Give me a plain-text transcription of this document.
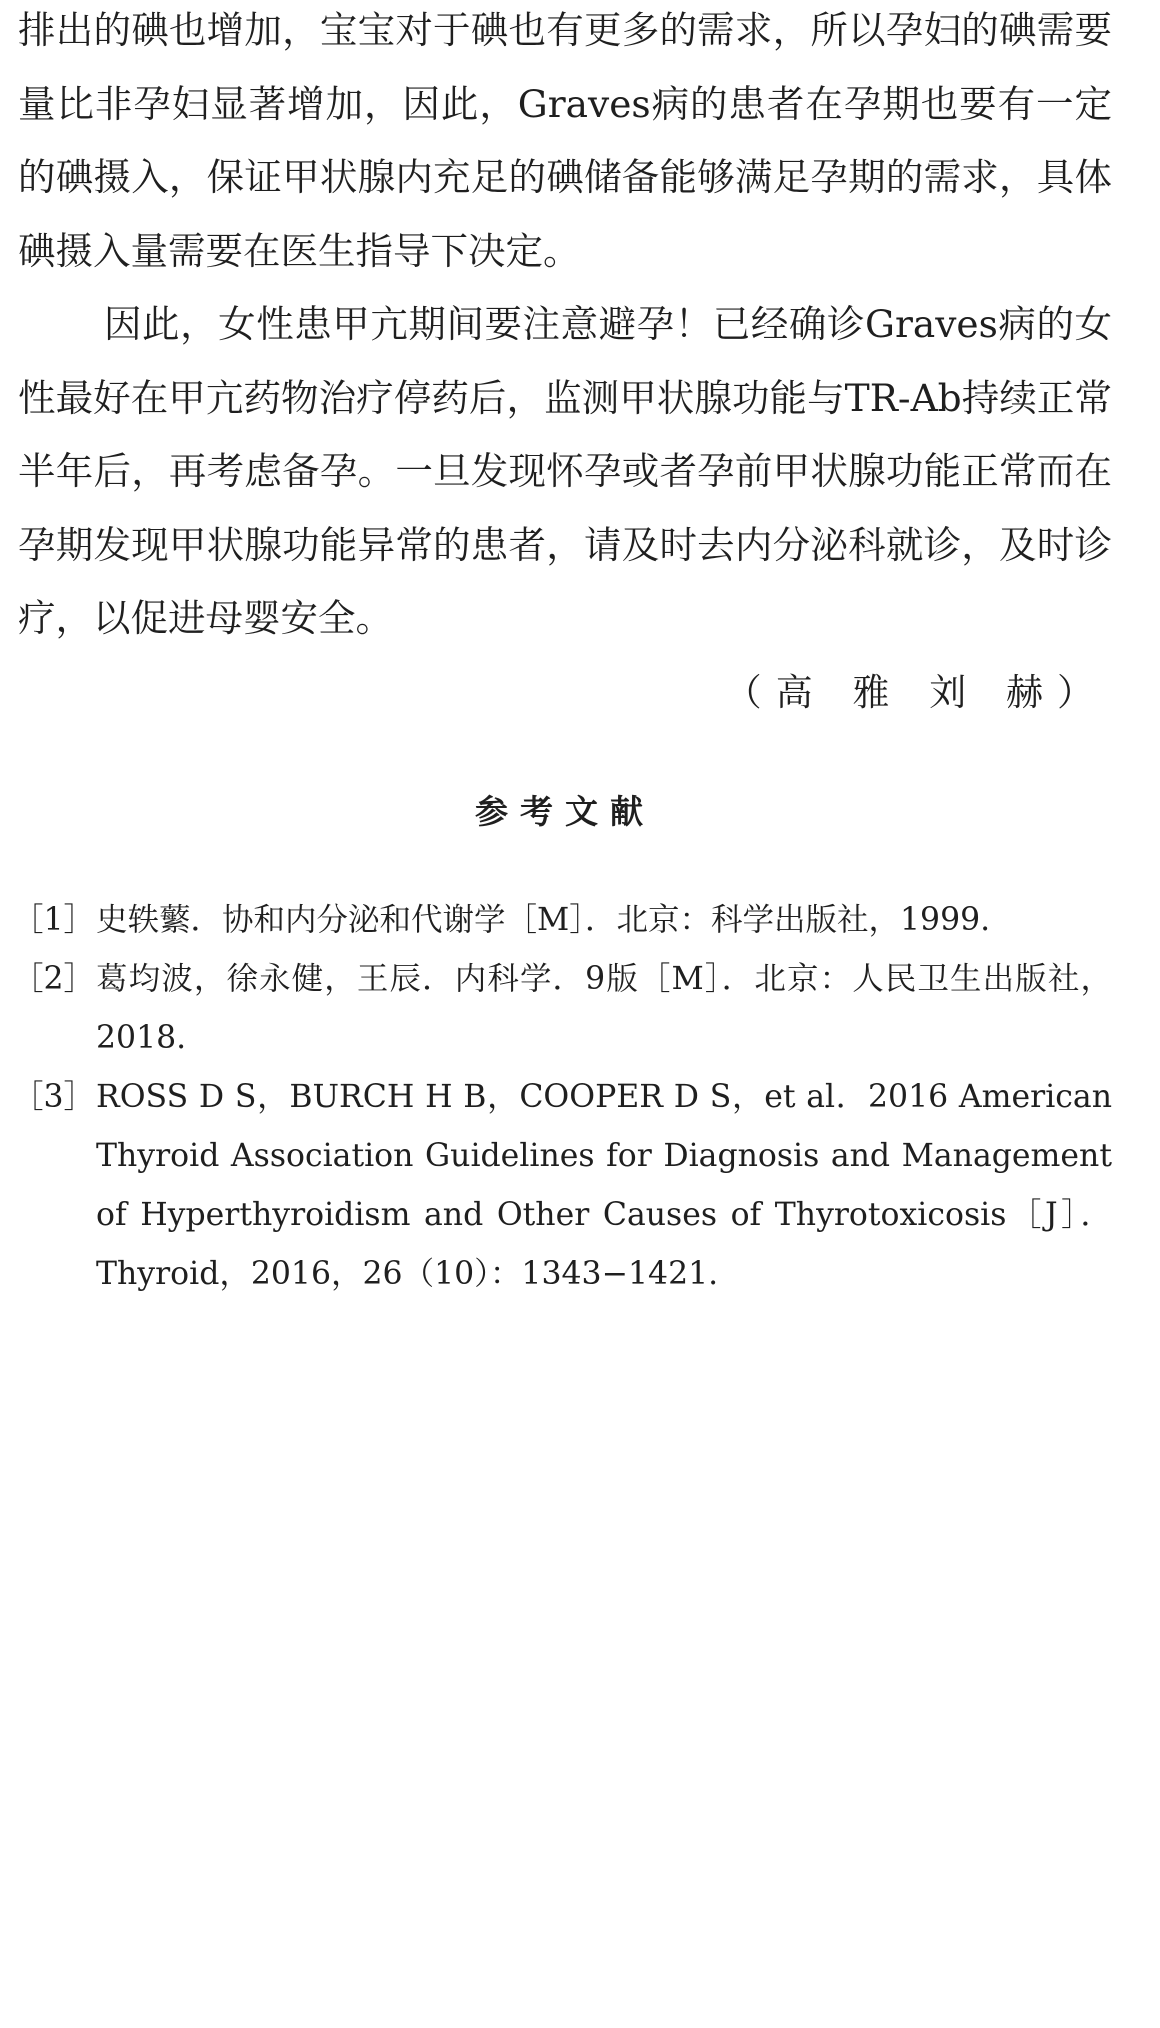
排出的碘也增加，宝宝对于碘也有更多的需求，所以孕妇的碘需要量比非孕妇显著增加，因此，Graves病的患者在孕期也要有一定的碘摄入，保证甲状腺内充足的碘储备能够满足孕期的需求，具体碘摄入量需要在医生指导下决定。

因此，女性患甲亢期间要注意避孕！已经确诊Graves病的女性最好在甲亢药物治疗停药后，监测甲状腺功能与TR-Ab持续正常半年后，再考虑备孕。一旦发现怀孕或者孕前甲状腺功能正常而在孕期发现甲状腺功能异常的患者，请及时去内分泌科就诊，及时诊疗，以促进母婴安全。

（高 雅 刘 赫）

参考文献
［1］ 史轶蘩．协和内分泌和代谢学［M］．北京：科学出版社，1999.
［2］ 葛均波，徐永健，王辰．内科学．9版［M］．北京：人民卫生出版社，2018.
［3］ ROSS D S，BURCH H B，COOPER D S，et al．2016 American Thyroid Association Guidelines for Diagnosis and Management of Hyperthyroidism and Other Causes of Thyrotoxicosis［J］．Thyroid，2016，26（10）：1343−1421.
